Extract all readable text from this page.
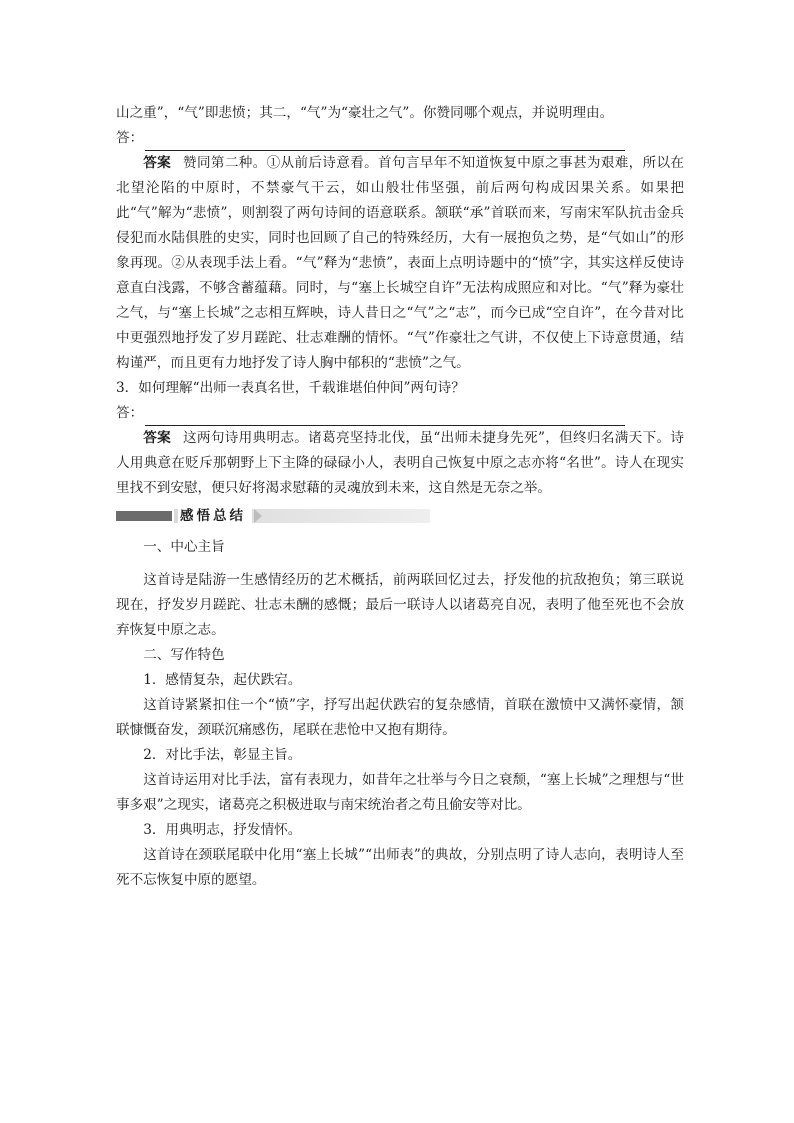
山之重”，“气”即悲愤；其二，“气”为“豪壮之气”。你赞同哪个观点，并说明理由。

答：

答案 赞同第二种。①从前后诗意看。首句言早年不知道恢复中原之事甚为艰难，所以在北望沦陷的中原时，不禁豪气干云，如山般壮伟坚强，前后两句构成因果关系。如果把此“气”解为“悲愤”，则割裂了两句诗间的语意联系。颔联“承”首联而来，写南宋军队抗击金兵侵犯而水陆俱胜的史实，同时也回顾了自己的特殊经历，大有一展抱负之势，是“气如山”的形象再现。②从表现手法上看。“气”释为“悲愤”，表面上点明诗题中的“愤”字，其实这样反使诗意直白浅露，不够含蓄蕴藉。同时，与“塞上长城空自许”无法构成照应和对比。“气”释为豪壮之气，与“塞上长城”之志相互辉映，诗人昔日之“气”之“志”，而今已成“空自许”，在今昔对比中更强烈地抒发了岁月蹉跎、壮志难酬的情怀。“气”作豪壮之气讲，不仅使上下诗意贯通，结构谨严，而且更有力地抒发了诗人胸中郁积的“悲愤”之气。

3．如何理解“出师一表真名世，千载谁堪伯仲间”两句诗？

答：

答案 这两句诗用典明志。诸葛亮坚持北伐，虽“出师未捷身先死”，但终归名满天下。诗人用典意在贬斥那朝野上下主降的碌碌小人，表明自己恢复中原之志亦将“名世”。诗人在现实里找不到安慰，便只好将渴求慰藉的灵魂放到未来，这自然是无奈之举。

感悟总结

一、中心主旨

这首诗是陆游一生感情经历的艺术概括，前两联回忆过去，抒发他的抗敌抱负；第三联说现在，抒发岁月蹉跎、壮志未酬的感慨；最后一联诗人以诸葛亮自况，表明了他至死也不会放弃恢复中原之志。

二、写作特色

1．感情复杂，起伏跌宕。

这首诗紧紧扣住一个“愤”字，抒写出起伏跌宕的复杂感情，首联在激愤中又满怀豪情，颔联慷慨奋发，颈联沉痛感伤，尾联在悲怆中又抱有期待。

2．对比手法，彰显主旨。

这首诗运用对比手法，富有表现力，如昔年之壮举与今日之衰颓，“塞上长城”之理想与“世事多艰”之现实，诸葛亮之积极进取与南宋统治者之苟且偷安等对比。

3．用典明志，抒发情怀。

这首诗在颈联尾联中化用“塞上长城”“出师表”的典故，分别点明了诗人志向，表明诗人至死不忘恢复中原的愿望。
